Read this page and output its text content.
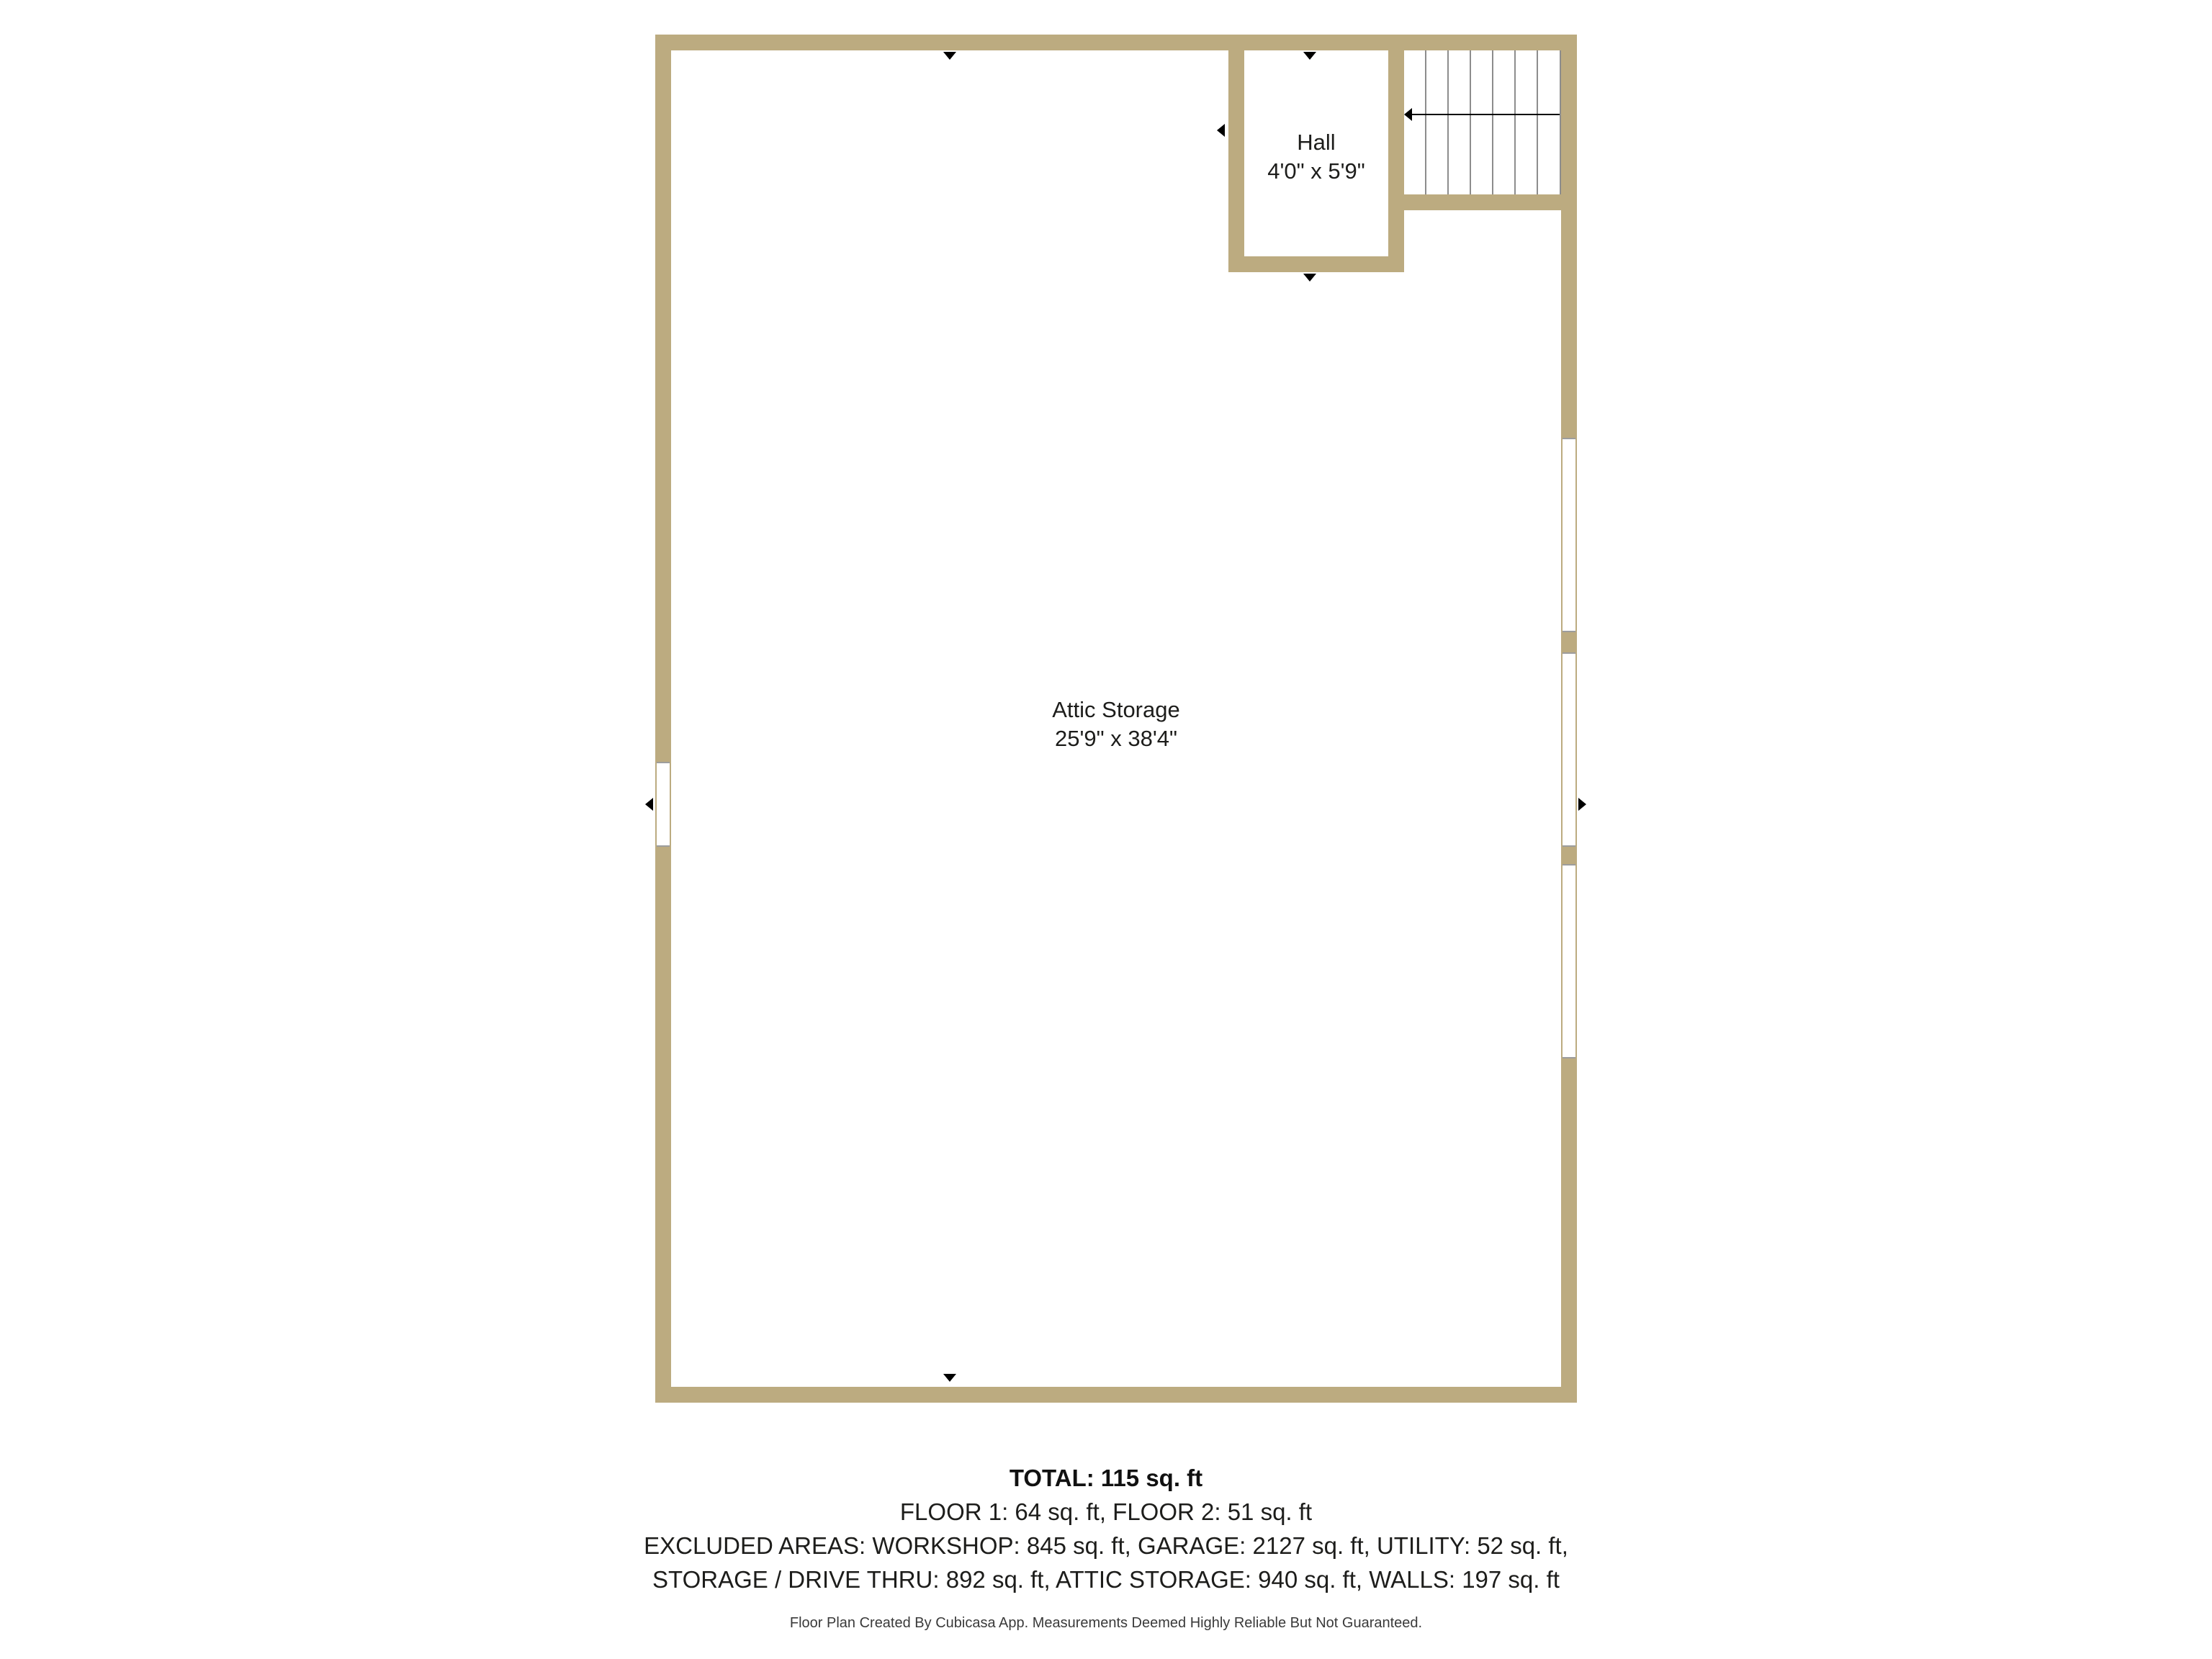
Attic Storage
25'9" x 38'4"
Hall
4'0" x 5'9"
TOTAL: 115 sq. ft
FLOOR 1: 64 sq. ft, FLOOR 2: 51 sq. ft
EXCLUDED AREAS: WORKSHOP: 845 sq. ft, GARAGE: 2127 sq. ft, UTILITY: 52 sq. ft,
STORAGE / DRIVE THRU: 892 sq. ft, ATTIC STORAGE: 940 sq. ft, WALLS: 197 sq. ft
Floor Plan Created By Cubicasa App. Measurements Deemed Highly Reliable But Not Guaranteed.
